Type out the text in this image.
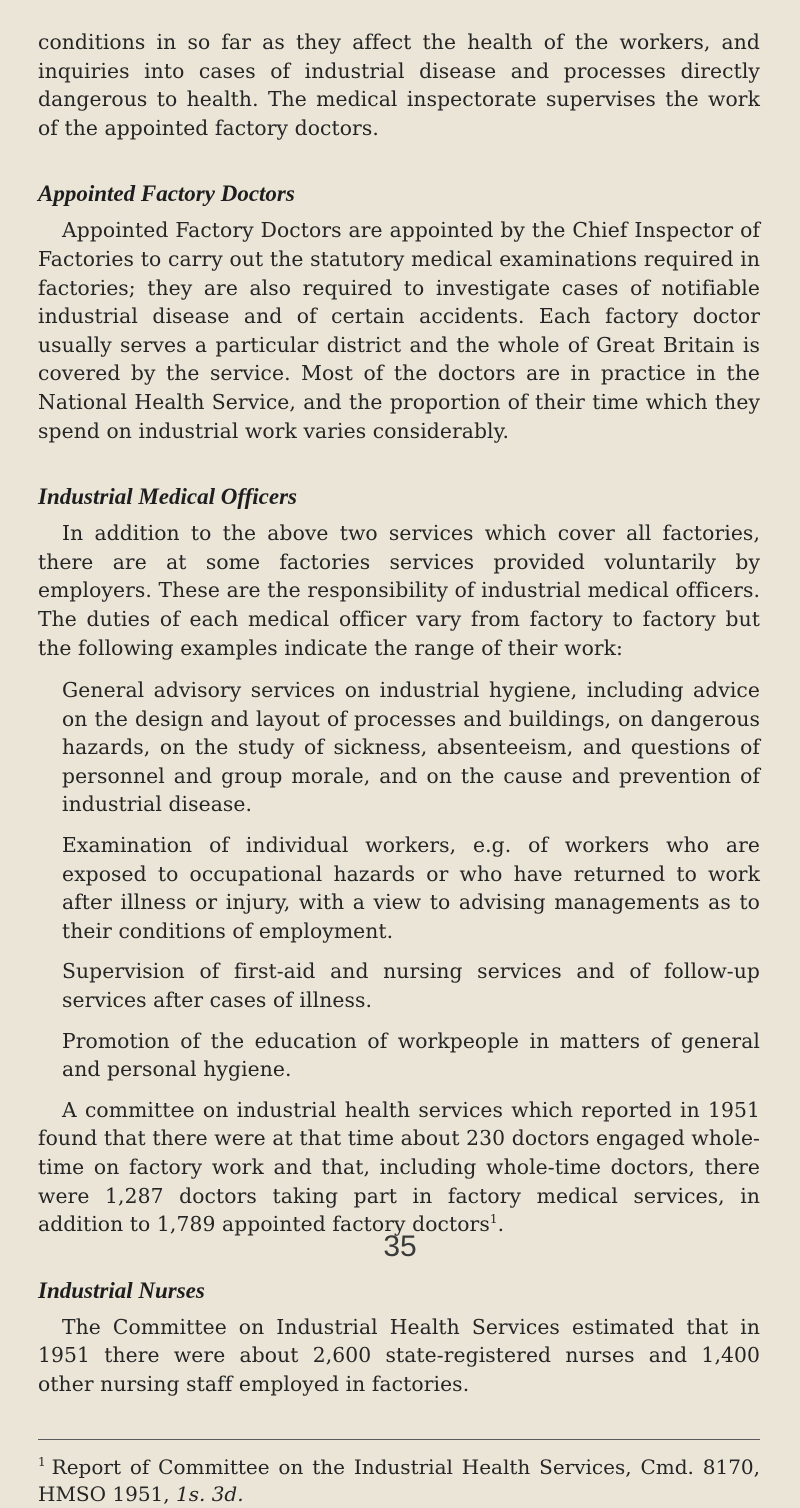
conditions in so far as they affect the health of the workers, and inquiries into cases of industrial disease and processes directly dangerous to health. The medical inspectorate supervises the work of the appointed factory doctors.

Appointed Factory Doctors

Appointed Factory Doctors are appointed by the Chief Inspector of Factories to carry out the statutory medical examinations required in factories; they are also required to investigate cases of notifiable industrial disease and of certain accidents. Each factory doctor usually serves a particular district and the whole of Great Britain is covered by the service. Most of the doctors are in practice in the National Health Service, and the proportion of their time which they spend on industrial work varies considerably.

Industrial Medical Officers

In addition to the above two services which cover all factories, there are at some factories services provided voluntarily by employers. These are the responsibility of industrial medical officers. The duties of each medical officer vary from factory to factory but the following examples indicate the range of their work:

General advisory services on industrial hygiene, including advice on the design and layout of processes and buildings, on dangerous hazards, on the study of sickness, absenteeism, and questions of personnel and group morale, and on the cause and prevention of industrial disease.

Examination of individual workers, e.g. of workers who are exposed to occupational hazards or who have returned to work after illness or injury, with a view to advising managements as to their conditions of employment.

Supervision of first-aid and nursing services and of follow-up services after cases of illness.

Promotion of the education of workpeople in matters of general and personal hygiene.

A committee on industrial health services which reported in 1951 found that there were at that time about 230 doctors engaged whole-time on factory work and that, including whole-time doctors, there were 1,287 doctors taking part in factory medical services, in addition to 1,789 appointed factory doctors$^1$.

Industrial Nurses

The Committee on Industrial Health Services estimated that in 1951 there were about 2,600 state-registered nurses and 1,400 other nursing staff employed in factories.

$^1$ Report of Committee on the Industrial Health Services, Cmd. 8170, HMSO 1951, 1s. 3d.

35
